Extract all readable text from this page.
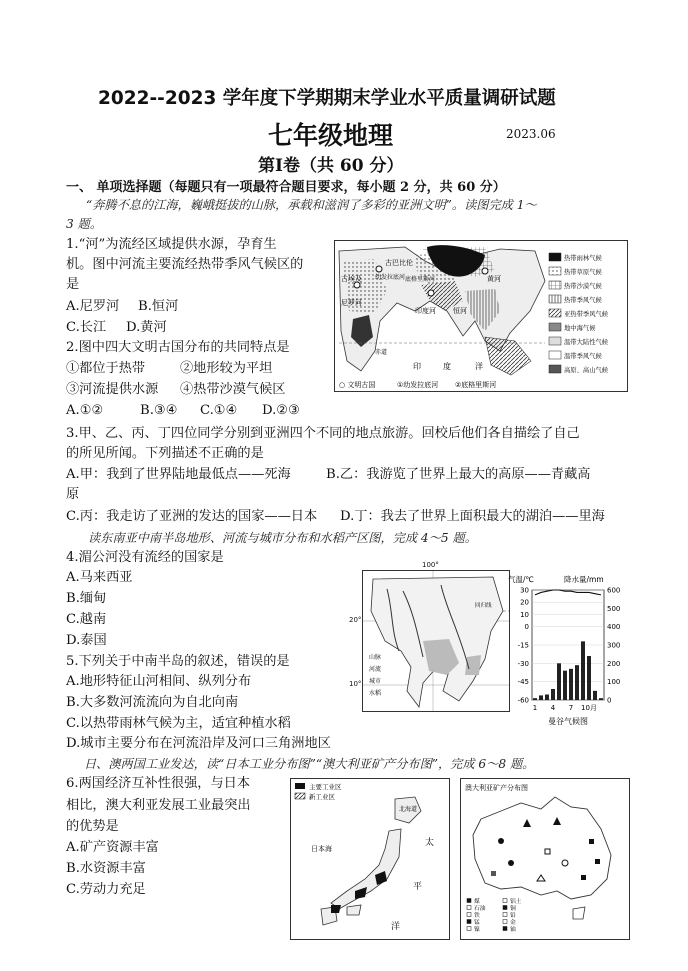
2022--2023 学年度下学期期末学业水平质量调研试题
七年级地理	2023.06
第Ⅰ卷（共 60 分）
一、 单项选择题（每题只有一项最符合题目要求，每小题 2 分，共 60 分）
“奔腾不息的江海，巍峨挺拔的山脉，承载和滋润了多彩的亚洲文明”。读图完成 1～
3 题。
1.“河”为流经区域提供水源，孕育生
机。图中河流主要流经热带季风气候区的
是
A.尼罗河 B.恒河
C.长江 D.黄河
2.图中四大文明古国分布的共同特点是
①都位于热带	②地形较为平坦
③河流提供水源 ④热带沙漠气候区
A.①②	B.③④ C.①④ D.②③
古巴比伦
古埃及
尼罗河
幼发拉底河 底格里斯河
印度河 恒河
黄河
赤道
印	度	洋
热带雨林气候
热带草原气候
热带沙漠气候
热带季风气候
亚热带季风气候
地中海气候
温带大陆性气候
温带季风气候
高原、高山气候
○ 文明古国	①幼发拉底河 ②底格里斯河
3.甲、乙、丙、丁四位同学分别到亚洲四个不同的地点旅游。回校后他们各自描绘了自己
的所见所闻。下列描述不正确的是
A.甲：我到了世界陆地最低点——死海	B.乙：我游览了世界上最大的高原——青藏高
原
C.丙：我走访了亚洲的发达的国家——日本 D.丁：我去了世界上面积最大的湖泊——里海
读东南亚中南半岛地形、河流与城市分布和水稻产区图，完成 4～5 题。
4.湄公河没有流经的国家是
A.马来西亚
B.缅甸
C.越南
D.泰国
5.下列关于中南半岛的叙述，错误的是
A.地形特征山河相间、纵列分布
B.大多数河流流向为自北向南
C.以热带雨林气候为主，适宜种植水稻
D.城市主要分布在河流沿岸及河口三角洲地区
回归线
山脉
河流
城市
水稻
100°
20°
10°
气温/℃	降水量/mm
30
20
10
0
-15
-30
-45
-60
600
500
400
300
200
100
0
1 4 7 10月
曼谷气候图
日、澳两国工业发达，读“日本工业分布图”“澳大利亚矿产分布图”，完成 6～8 题。
6.两国经济互补性很强，与日本
相比，澳大利亚发展工业最突出
的优势是
A.矿产资源丰富
B.水资源丰富
C.劳动力充足
主要工业区
新工业区
北海道
日本海
太
平
洋
澳大利亚矿产分布图
煤	铝土
石油	铜
铁	铅
锰	金
镍	铀
